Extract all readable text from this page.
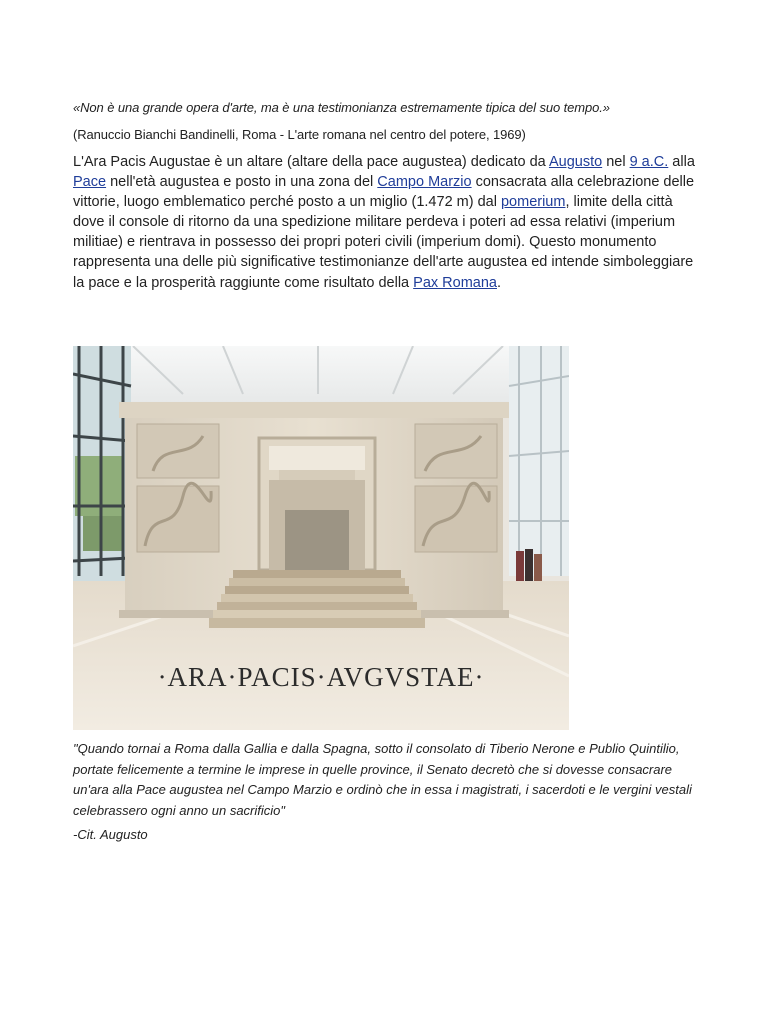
«Non è una grande opera d'arte, ma è una testimonianza estremamente tipica del suo tempo.»
(Ranuccio Bianchi Bandinelli, Roma - L'arte romana nel centro del potere, 1969)
L'Ara Pacis Augustae è un altare (altare della pace augustea) dedicato da Augusto nel 9 a.C. alla Pace nell'età augustea e posto in una zona del Campo Marzio consacrata alla celebrazione delle vittorie, luogo emblematico perché posto a un miglio (1.472 m) dal pomerium, limite della città dove il console di ritorno da una spedizione militare perdeva i poteri ad essa relativi (imperium militiae) e rientrava in possesso dei propri poteri civili (imperium domi). Questo monumento rappresenta una delle più significative testimonianze dell'arte augustea ed intende simboleggiare la pace e la prosperità raggiunte come risultato della Pax Romana.
·ARA·PACIS·AVGVSTAE·
"Quando tornai a Roma dalla Gallia e dalla Spagna, sotto il consolato di Tiberio Nerone e Publio Quintilio, portate felicemente a termine le imprese in quelle province, il Senato decretò che si dovesse consacrare un'ara alla Pace augustea nel Campo Marzio e ordinò che in essa i magistrati, i sacerdoti e le vergini vestali celebrassero ogni anno un sacrificio"
-Cit. Augusto
